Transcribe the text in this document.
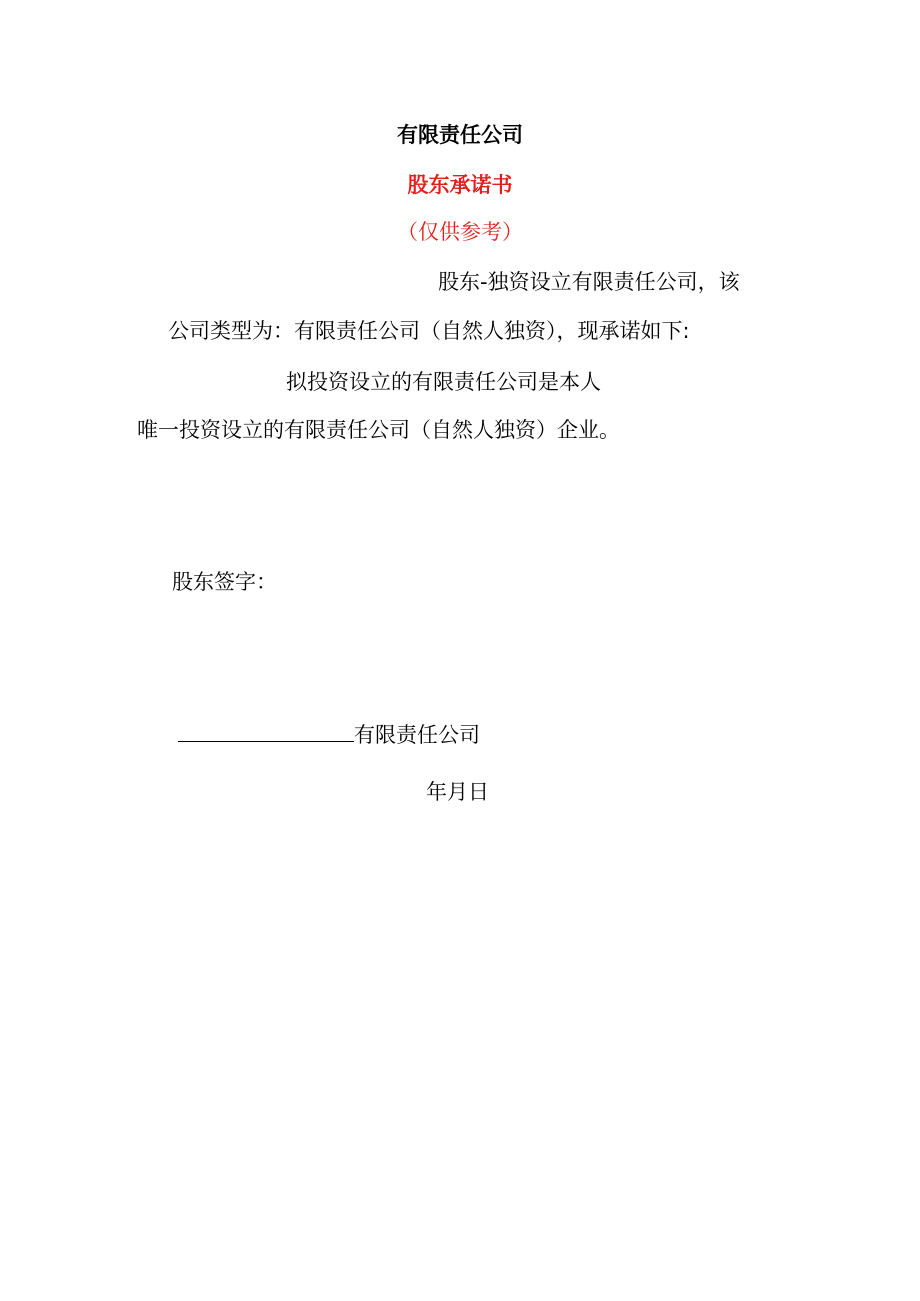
有限责任公司
股东承诺书
（仅供参考）
股东-独资设立有限责任公司，该
公司类型为：有限责任公司（自然人独资），现承诺如下:
拟投资设立的有限责任公司是本人
唯一投资设立的有限责任公司（自然人独资）企业。
股东签字：
有限责任公司
年月日
